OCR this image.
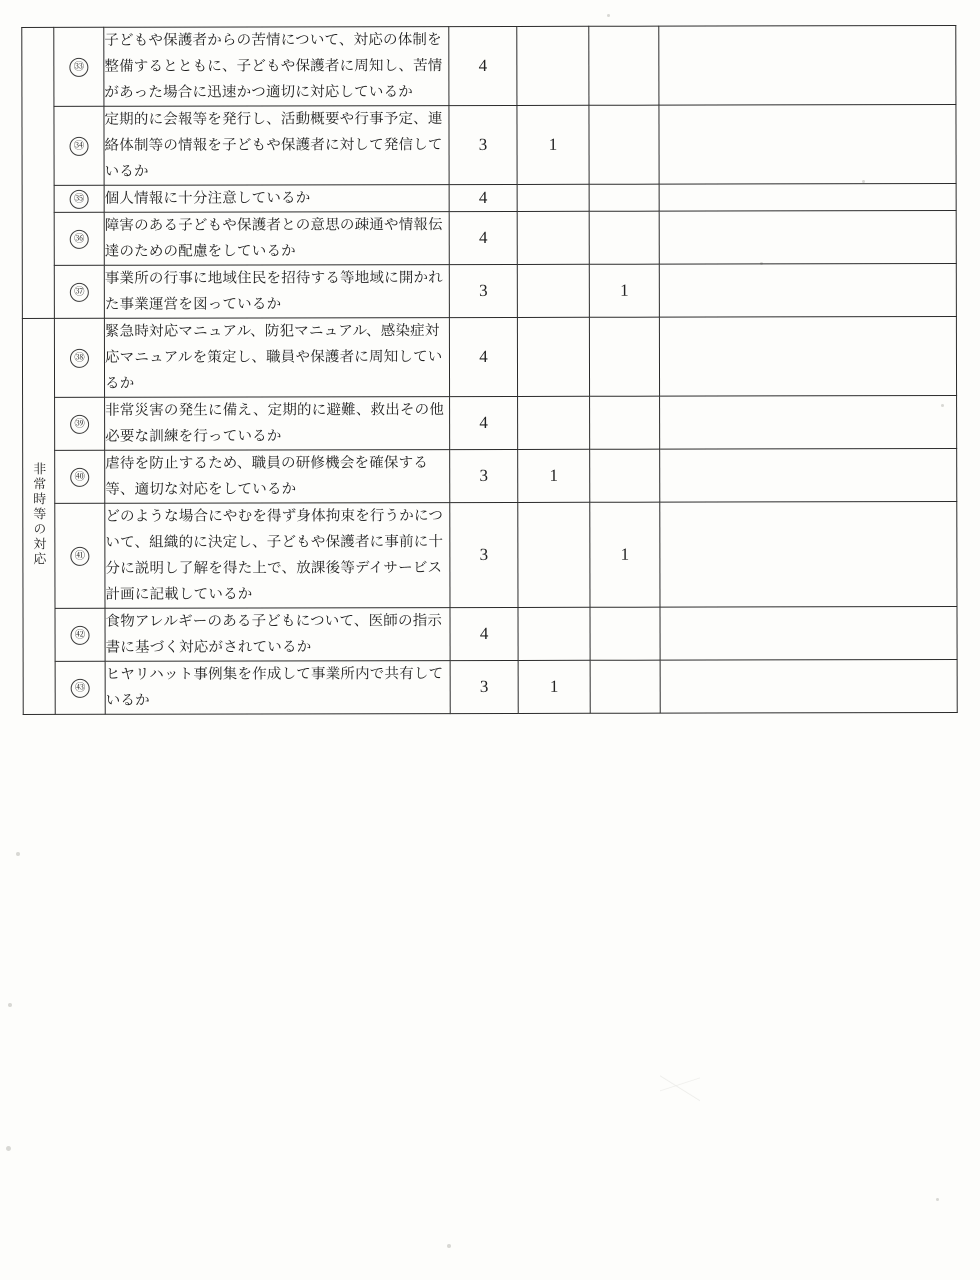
	㉝	子どもや保護者からの苦情について、対応の体制を整備するとともに、子どもや保護者に周知し、苦情があった場合に迅速かつ適切に対応しているか	4			
	㉞	定期的に会報等を発行し、活動概要や行事予定、連絡体制等の情報を子どもや保護者に対して発信しているか	3	1		
	㉟	個人情報に十分注意しているか	4			
	㊱	障害のある子どもや保護者との意思の疎通や情報伝達のための配慮をしているか	4			
	㊲	事業所の行事に地域住民を招待する等地域に開かれた事業運営を図っているか	3		1	
非常時等の対応	㊳	緊急時対応マニュアル、防犯マニュアル、感染症対応マニュアルを策定し、職員や保護者に周知しているか	4			
	㊴	非常災害の発生に備え、定期的に避難、救出その他必要な訓練を行っているか	4			
	㊵	虐待を防止するため、職員の研修機会を確保する等、適切な対応をしているか	3	1		
	㊶	どのような場合にやむを得ず身体拘束を行うかについて、組織的に決定し、子どもや保護者に事前に十分に説明し了解を得た上で、放課後等デイサービス計画に記載しているか	3		1	
	㊷	食物アレルギーのある子どもについて、医師の指示書に基づく対応がされているか	4			
	㊸	ヒヤリハット事例集を作成して事業所内で共有しているか	3	1		
